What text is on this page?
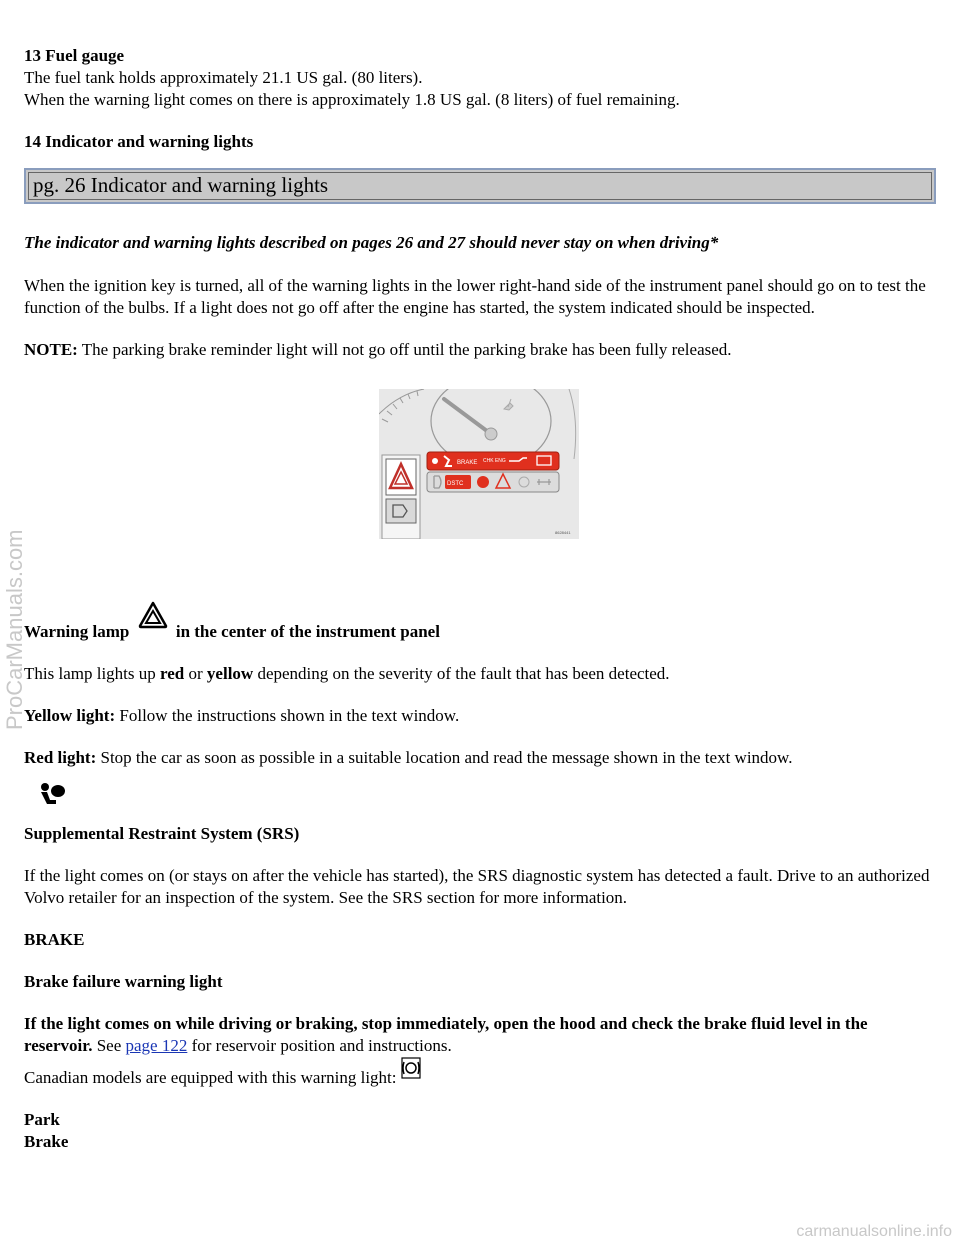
13 Fuel gauge

The fuel tank holds approximately 21.1 US gal. (80 liters).

When the warning light comes on there is approximately 1.8 US gal. (8 liters) of fuel remaining.

14 Indicator and warning lights

pg. 26 Indicator and warning lights

The indicator and warning lights described on pages 26 and 27 should never stay on when driving*

When the ignition key is turned, all of the warning lights in the lower right-hand side of the instrument panel should go on to test the function of the bulbs. If a light does not go off after the engine has started, the system indicated should be inspected.

NOTE: The parking brake reminder light will not go off until the parking brake has been fully released.

BRAKE CHK ENG
DSTC
8628441

Warning lamp	in the center of the instrument panel

This lamp lights up red or yellow depending on the severity of the fault that has been detected.

Yellow light: Follow the instructions shown in the text window.

Red light: Stop the car as soon as possible in a suitable location and read the message shown in the text window.

Supplemental Restraint System (SRS)

If the light comes on (or stays on after the vehicle has started), the SRS diagnostic system has detected a fault. Drive to an authorized Volvo retailer for an inspection of the system. See the SRS section for more information.

BRAKE

Brake failure warning light

If the light comes on while driving or braking, stop immediately, open the hood and check the brake fluid level in the reservoir. See page 122 for reservoir position and instructions.

Canadian models are equipped with this warning light:

Park

Brake

ProCarManuals.com
carmanualsonline.info
